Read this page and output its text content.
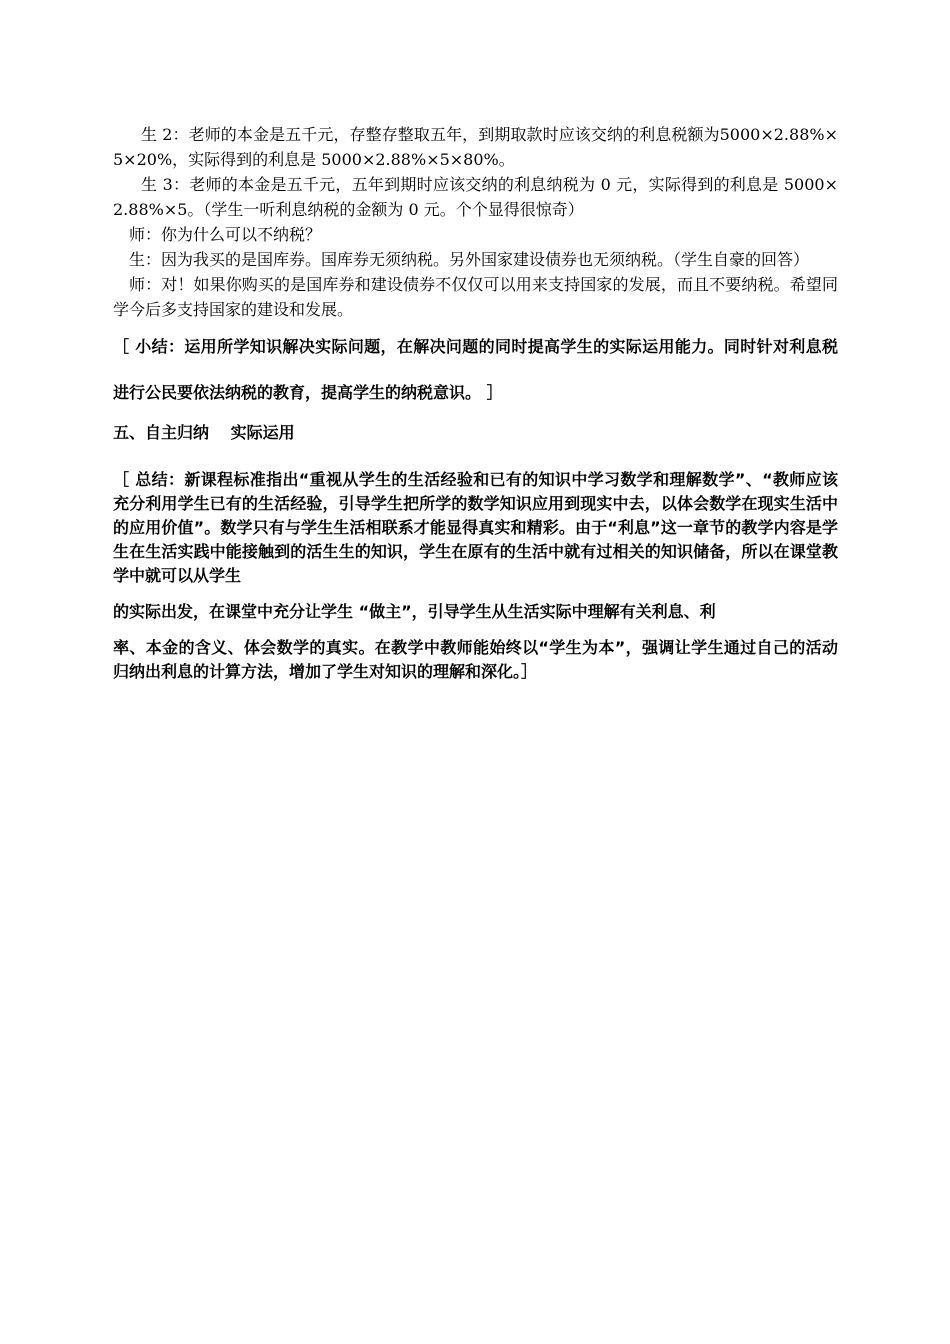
生 2：老师的本金是五千元，存整存整取五年，到期取款时应该交纳的利息税额为5000×2.88%×5×20%，实际得到的利息是 5000×2.88%×5×80%。

生 3：老师的本金是五千元，五年到期时应该交纳的利息纳税为 0 元，实际得到的利息是 5000×2.88%×5。（学生一听利息纳税的金额为 0 元。个个显得很惊奇）

师：你为什么可以不纳税？

生：因为我买的是国库券。国库券无须纳税。另外国家建设债券也无须纳税。（学生自豪的回答）

师：对！如果你购买的是国库券和建设债券不仅仅可以用来支持国家的发展，而且不要纳税。希望同学今后多支持国家的建设和发展。

［ 小结：运用所学知识解决实际问题，在解决问题的同时提高学生的实际运用能力。同时针对利息税进行公民要依法纳税的教育，提高学生的纳税意识。 ］

五、自主归纳　 实际运用

［ 总结：新课程标准指出“重视从学生的生活经验和已有的知识中学习数学和理解数学”、“教师应该充分利用学生已有的生活经验，引导学生把所学的数学知识应用到现实中去，以体会数学在现实生活中的应用价值”。数学只有与学生生活相联系才能显得真实和精彩。由于“利息”这一章节的教学内容是学生在生活实践中能接触到的活生生的知识，学生在原有的生活中就有过相关的知识储备，所以在课堂教学中就可以从学生
的实际出发，在课堂中充分让学生 “做主”，引导学生从生活实际中理解有关利息、利
率、本金的含义、体会数学的真实。在教学中教师能始终以“学生为本”，强调让学生通过自己的活动归纳出利息的计算方法，增加了学生对知识的理解和深化。］
